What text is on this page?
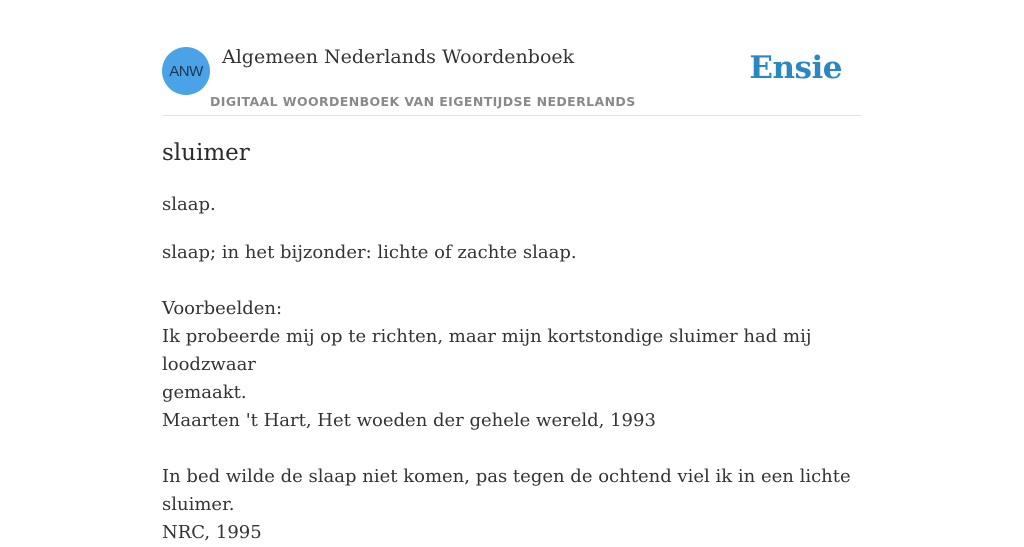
ANW
Algemeen Nederlands Woordenboek
DIGITAAL WOORDENBOEK VAN EIGENTIJDSE NEDERLANDS
Ensie
sluimer
slaap.
slaap; in het bijzonder: lichte of zachte slaap.
Voorbeelden:
Ik probeerde mij op te richten, maar mijn kortstondige sluimer had mij loodzwaar
gemaakt.
Maarten 't Hart, Het woeden der gehele wereld, 1993
In bed wilde de slaap niet komen, pas tegen de ochtend viel ik in een lichte
sluimer.
NRC, 1995
